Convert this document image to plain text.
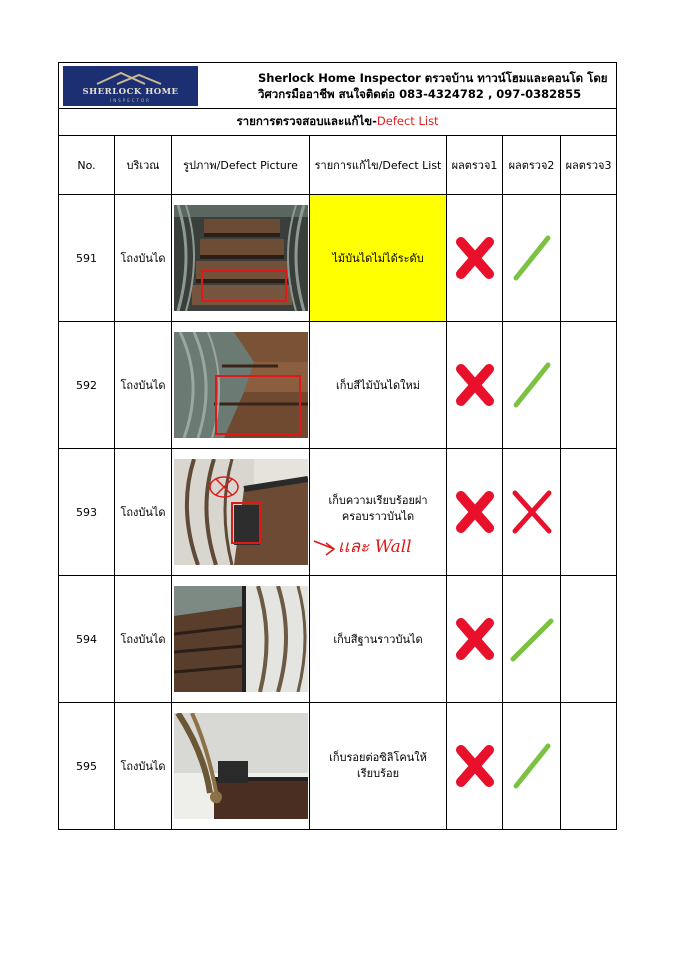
SHERLOCK HOME
INSPECTOR
Sherlock Home Inspector ตรวจบ้าน ทาวน์โฮมและคอนโด โดย
วิศวกรมืออาชีพ สนใจติดต่อ 083-4324782 , 097-0382855						

รายการตรวจสอบและแก้ไข-Defect List						
No.	บริเวณ	รูปภาพ/Defect Picture	รายการแก้ไข/Defect List	ผลตรวจ1	ผลตรวจ2	ผลตรวจ3
591	โถงบันได		ไม้บันไดไม่ได้ระดับ	

592	โถงบันได		เก็บสีไม้บันไดใหม่	

593	โถงบันได		เก็บความเรียบร้อยฝาครอบราวบันได
เเละ Wall

594	โถงบันได		เก็บสีฐานราวบันได	

595	โถงบันได		เก็บรอยต่อซิลิโคนให้เรียบร้อย	
